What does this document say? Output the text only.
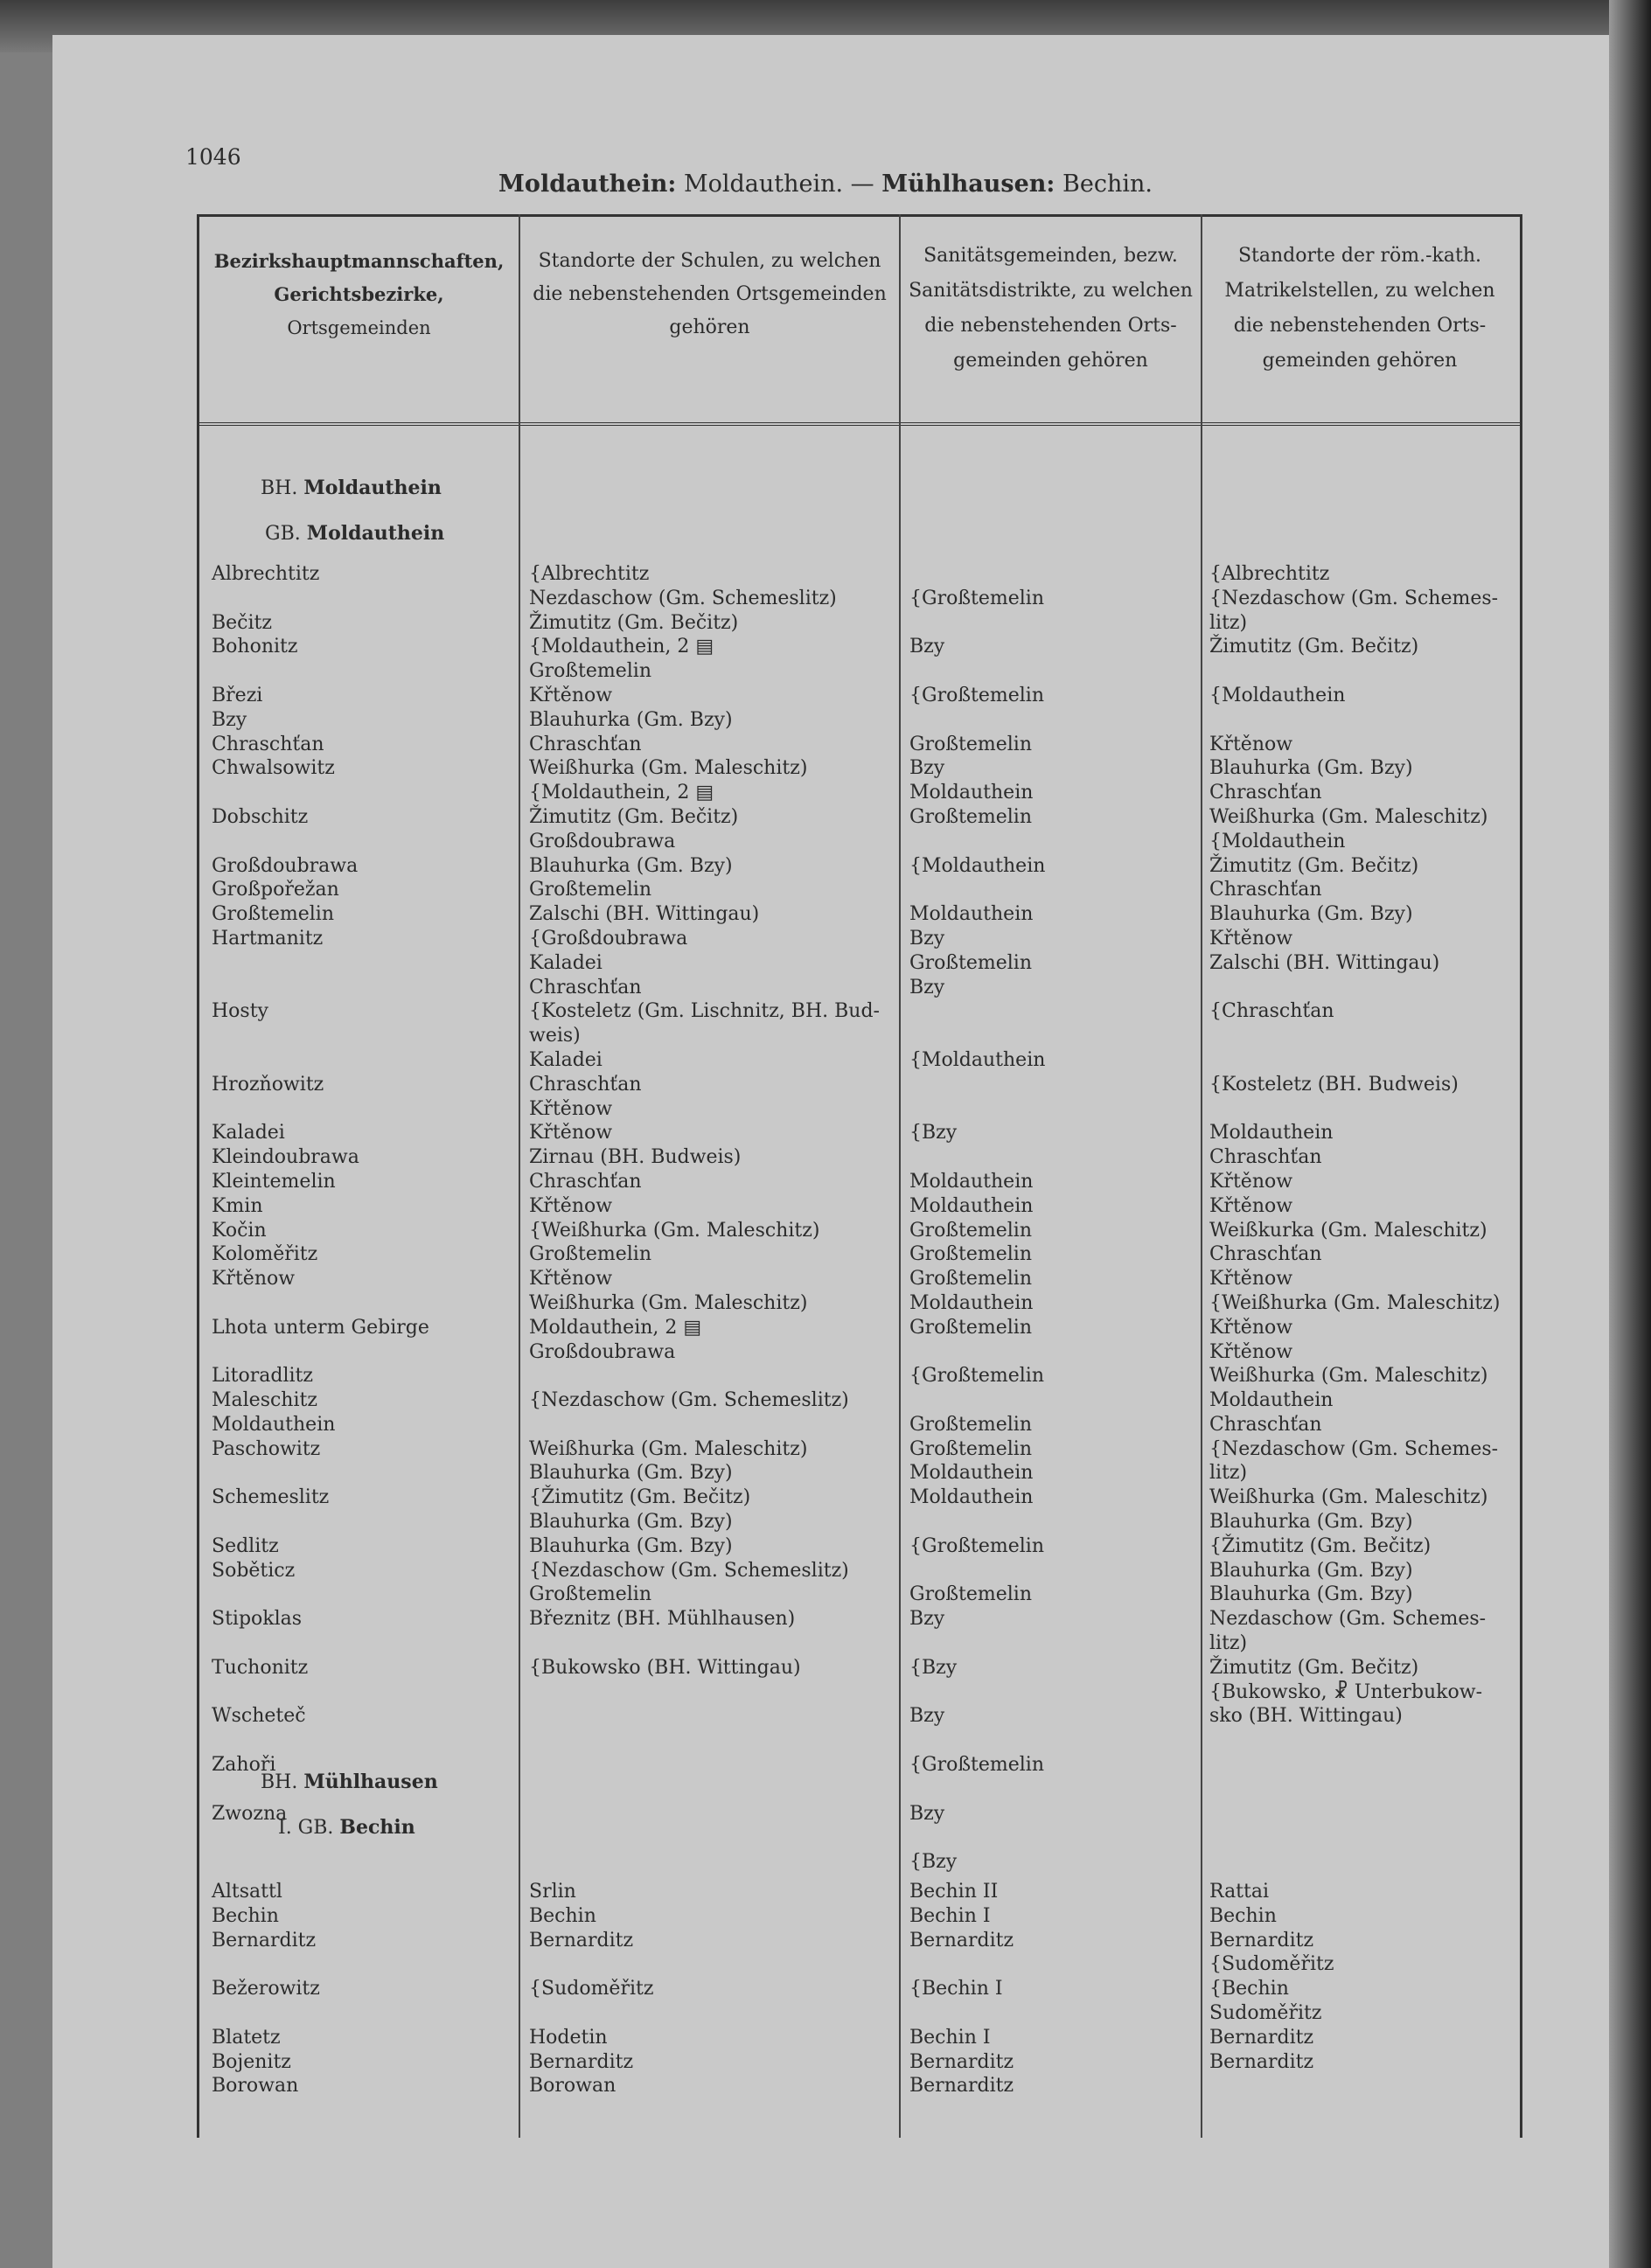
1046
Moldauthein: Moldauthein. — Mühlhausen: Bechin.
Bezirkshauptmannschaften,
Gerichtsbezirke,
Ortsgemeinden
Standorte der Schulen, zu welchen
die nebenstehenden Ortsgemeinden
gehören
Sanitätsgemeinden, bezw.
Sanitätsdistrikte, zu welchen
die nebenstehenden Orts-
gemeinden gehören
Standorte der röm.-kath.
Matrikelstellen, zu welchen
die nebenstehenden Orts-
gemeinden gehören
BH. Moldauthein
GB. Moldauthein
Albrechtitz
Bečitz
Bohonitz
Březi
Bzy
Chraschťan
Chwalsowitz
Dobschitz
Großdoubrawa
Großpořežan
Großtemelin
Hartmanitz
Hosty
Hrozňowitz
Kaladei
Kleindoubrawa
Kleintemelin
Kmin
Kočin
Koloměřitz
Křtěnow
Lhota unterm Gebirge
Litoradlitz
Maleschitz
Moldauthein
Paschowitz
Schemeslitz
Sedlitz
Soběticz
Stipoklas
Tuchonitz
Wscheteč
Zahoři
Zwozna
{Albrechtitz
Nezdaschow (Gm. Schemeslitz)
Žimutitz (Gm. Bečitz)
{Moldauthein, 2 ▤
Großtemelin
Křtěnow
Blauhurka (Gm. Bzy)
Chraschťan
Weißhurka (Gm. Maleschitz)
{Moldauthein, 2 ▤
Žimutitz (Gm. Bečitz)
Großdoubrawa
Blauhurka (Gm. Bzy)
Großtemelin
Zalschi (BH. Wittingau)
{Großdoubrawa
Kaladei
Chraschťan
{Kosteletz (Gm. Lischnitz, BH. Bud-
weis)
Kaladei
Chraschťan
Křtěnow
Křtěnow
Zirnau (BH. Budweis)
Chraschťan
Křtěnow
{Weißhurka (Gm. Maleschitz)
Großtemelin
Křtěnow
Weißhurka (Gm. Maleschitz)
Moldauthein, 2 ▤
Großdoubrawa
{Nezdaschow (Gm. Schemeslitz)
Weißhurka (Gm. Maleschitz)
Blauhurka (Gm. Bzy)
{Žimutitz (Gm. Bečitz)
Blauhurka (Gm. Bzy)
Blauhurka (Gm. Bzy)
{Nezdaschow (Gm. Schemeslitz)
Großtemelin
Březnitz (BH. Mühlhausen)
{Bukowsko (BH. Wittingau)
{Großtemelin
Bzy
{Großtemelin
Großtemelin
Bzy
Moldauthein
Großtemelin
{Moldauthein
Moldauthein
Bzy
Großtemelin
Bzy
{Moldauthein
{Bzy
Moldauthein
Moldauthein
Großtemelin
Großtemelin
Großtemelin
Moldauthein
Großtemelin
{Großtemelin
Großtemelin
Großtemelin
Moldauthein
Moldauthein
{Großtemelin
Großtemelin
Bzy
{Bzy
Bzy
{Großtemelin
Bzy
{Bzy
{Albrechtitz
{Nezdaschow (Gm. Schemes-
litz)
Žimutitz (Gm. Bečitz)
{Moldauthein
Křtěnow
Blauhurka (Gm. Bzy)
Chraschťan
Weißhurka (Gm. Maleschitz)
{Moldauthein
Žimutitz (Gm. Bečitz)
Chraschťan
Blauhurka (Gm. Bzy)
Křtěnow
Zalschi (BH. Wittingau)
{Chraschťan
{Kosteletz (BH. Budweis)
Moldauthein
Chraschťan
Křtěnow
Křtěnow
Weißkurka (Gm. Maleschitz)
Chraschťan
Křtěnow
{Weißhurka (Gm. Maleschitz)
Křtěnow
Křtěnow
Weißhurka (Gm. Maleschitz)
Moldauthein
Chraschťan
{Nezdaschow (Gm. Schemes-
litz)
Weißhurka (Gm. Maleschitz)
Blauhurka (Gm. Bzy)
{Žimutitz (Gm. Bečitz)
Blauhurka (Gm. Bzy)
Blauhurka (Gm. Bzy)
Nezdaschow (Gm. Schemes-
litz)
Žimutitz (Gm. Bečitz)
{Bukowsko, ☧ Unterbukow-
sko (BH. Wittingau)
BH. Mühlhausen
I. GB. Bechin
Altsattl
Bechin
Bernarditz
Bežerowitz
Blatetz
Bojenitz
Borowan
Srlin
Bechin
Bernarditz
{Sudoměřitz
Hodetin
Bernarditz
Borowan
Bechin II
Bechin I
Bernarditz
{Bechin I
Bechin I
Bernarditz
Bernarditz
Rattai
Bechin
Bernarditz
{Sudoměřitz
{Bechin
Sudoměřitz
Bernarditz
Bernarditz
